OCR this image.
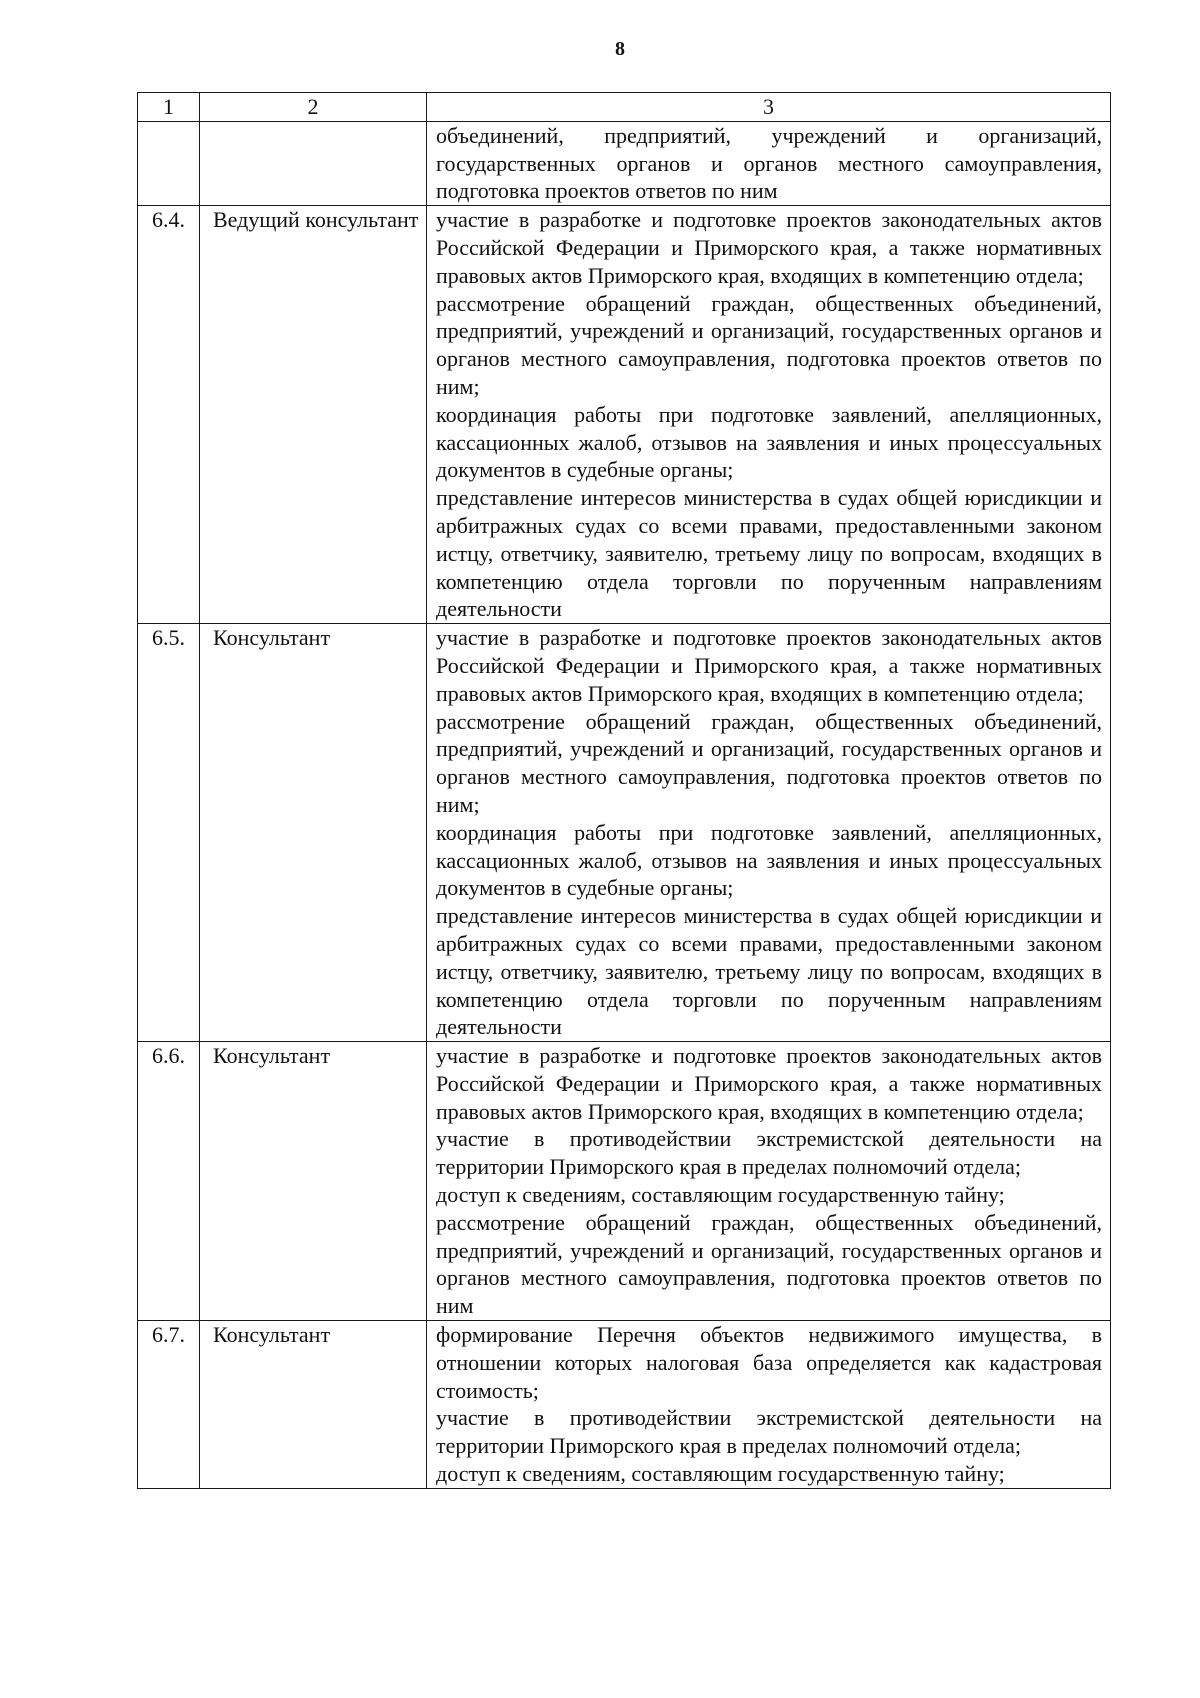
8
1	2	3

		объединений, предприятий, учреждений и организаций, государственных органов и органов местного самоуправления, подготовка проектов ответов по ним

6.4.	Ведущий консультант	участие в разработке и подготовке проектов законодательных актов Российской Федерации и Приморского края, а также нормативных правовых актов Приморского края, входящих в компетенцию отдела;

рассмотрение обращений граждан, общественных объединений, предприятий, учреждений и организаций, государственных органов и органов местного самоуправления, подготовка проектов ответов по ним;

координация работы при подготовке заявлений, апелляционных, кассационных жалоб, отзывов на заявления и иных процессуальных документов в судебные органы;

представление интересов министерства в судах общей юрисдикции и арбитражных судах со всеми правами, предоставленными законом истцу, ответчику, заявителю, третьему лицу по вопросам, входящих в компетенцию отдела торговли по порученным направлениям деятельности

6.5.	Консультант	участие в разработке и подготовке проектов законодательных актов Российской Федерации и Приморского края, а также нормативных правовых актов Приморского края, входящих в компетенцию отдела;

рассмотрение обращений граждан, общественных объединений, предприятий, учреждений и организаций, государственных органов и органов местного самоуправления, подготовка проектов ответов по ним;

координация работы при подготовке заявлений, апелляционных, кассационных жалоб, отзывов на заявления и иных процессуальных документов в судебные органы;

представление интересов министерства в судах общей юрисдикции и арбитражных судах со всеми правами, предоставленными законом истцу, ответчику, заявителю, третьему лицу по вопросам, входящих в компетенцию отдела торговли по порученным направлениям деятельности

6.6.	Консультант	участие в разработке и подготовке проектов законодательных актов Российской Федерации и Приморского края, а также нормативных правовых актов Приморского края, входящих в компетенцию отдела;

участие в противодействии экстремистской деятельности на территории Приморского края в пределах полномочий отдела;

доступ к сведениям, составляющим государственную тайну;

рассмотрение обращений граждан, общественных объединений, предприятий, учреждений и организаций, государственных органов и органов местного самоуправления, подготовка проектов ответов по ним

6.7.	Консультант	формирование Перечня объектов недвижимого имущества, в отношении которых налоговая база определяется как кадастровая стоимость;

участие в противодействии экстремистской деятельности на территории Приморского края в пределах полномочий отдела;

доступ к сведениям, составляющим государственную тайну;
